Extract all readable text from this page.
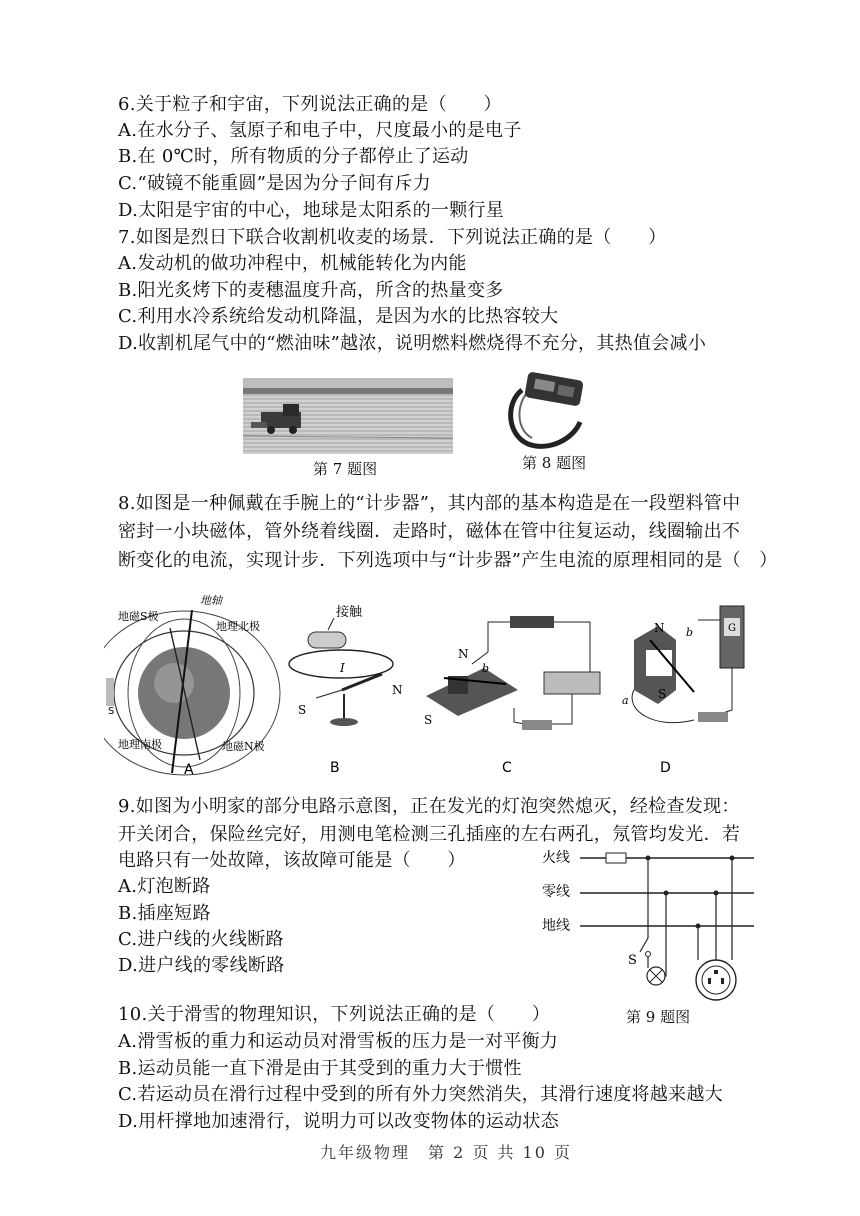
6.关于粒子和宇宙，下列说法正确的是（　　）
A.在水分子、氢原子和电子中，尺度最小的是电子
B.在 0℃时，所有物质的分子都停止了运动
C.“破镜不能重圆”是因为分子间有斥力
D.太阳是宇宙的中心，地球是太阳系的一颗行星
7.如图是烈日下联合收割机收麦的场景．下列说法正确的是（　　）
A.发动机的做功冲程中，机械能转化为内能
B.阳光炙烤下的麦穗温度升高，所含的热量变多
C.利用水冷系统给发动机降温，是因为水的比热容较大
D.收割机尾气中的“燃油味”越浓，说明燃料燃烧得不充分，其热值会减小
第 7 题图	第 8 题图
8.如图是一种佩戴在手腕上的“计步器”，其内部的基本构造是在一段塑料管中
密封一小块磁体，管外绕着线圈．走路时，磁体在管中往复运动，线圈输出不
断变化的电流，实现计步．下列选项中与“计步器”产生电流的原理相同的是（　）
S
地轴
地磁S极
地理北极
地理南极	地磁N极
A
接触
I
N
S
B
N
b
S
C
N b
a S
G
D
9.如图为小明家的部分电路示意图，正在发光的灯泡突然熄灭，经检查发现：
开关闭合，保险丝完好，用测电笔检测三孔插座的左右两孔，氖管均发光．若
电路只有一处故障，该故障可能是（　　）
A.灯泡断路
B.插座短路
C.进户线的火线断路
D.进户线的零线断路
火线
零线
地线
S
第 9 题图
10.关于滑雪的物理知识，下列说法正确的是（　　）
A.滑雪板的重力和运动员对滑雪板的压力是一对平衡力
B.运动员能一直下滑是由于其受到的重力大于惯性
C.若运动员在滑行过程中受到的所有外力突然消失，其滑行速度将越来越大
D.用杆撑地加速滑行，说明力可以改变物体的运动状态
九年级物理　第 2 页 共 10 页
